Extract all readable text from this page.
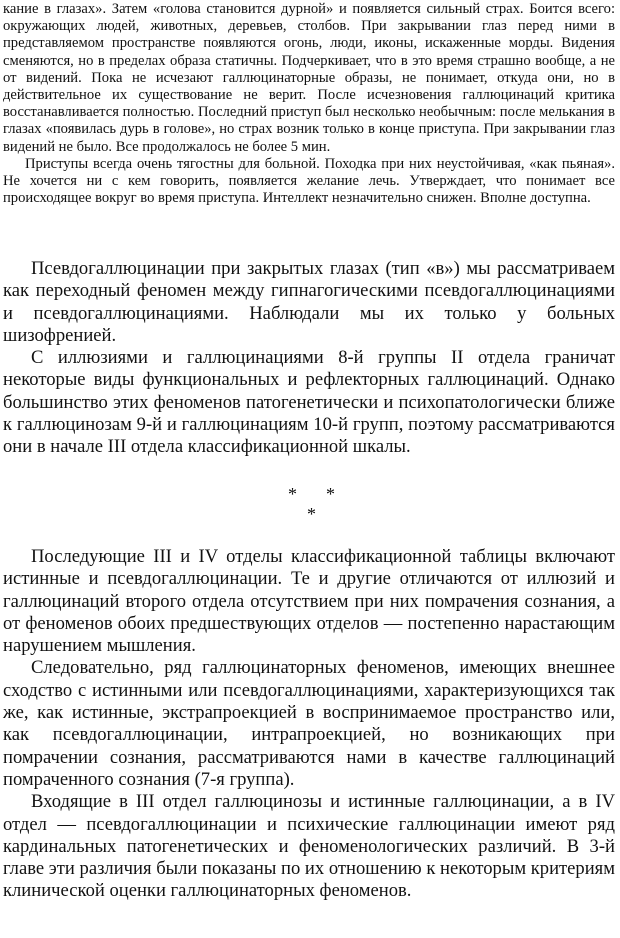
кание в глазах». Затем «голова становится дурной» и появляется сильный страх. Боится всего: окружающих людей, животных, деревьев, столбов. При закрывании глаз перед ними в представляемом пространстве появляются огонь, люди, иконы, искаженные морды. Видения сменяются, но в пределах образа статичны. Подчеркивает, что в это время страшно вообще, а не от видений. Пока не исчезают галлюцинаторные образы, не понимает, откуда они, но в действительное их существование не верит. После исчезновения галлюцинаций критика восстанавливается полностью. Последний приступ был несколько необычным: после мелькания в глазах «появилась дурь в голове», но страх возник только в конце приступа. При закрывании глаз видений не было. Все продолжалось не более 5 мин.

Приступы всегда очень тягостны для больной. Походка при них неустойчивая, «как пьяная». Не хочется ни с кем говорить, появляется желание лечь. Утверждает, что понимает все происходящее вокруг во время приступа. Интеллект незначительно снижен. Вполне доступна.

Псевдогаллюцинации при закрытых глазах (тип «в») мы рассматриваем как переходный феномен между гипнагогическими псевдогаллюцинациями и псевдогаллюцинациями. Наблюдали мы их только у больных шизофренией.

С иллюзиями и галлюцинациями 8-й группы II отдела граничат некоторые виды функциональных и рефлекторных галлюцинаций. Однако большинство этих феноменов патогенетически и психопатологически ближе к галлюцинозам 9-й и галлюцинациям 10-й групп, поэтому рассматриваются они в начале III отдела классификационной шкалы.

* *
*

Последующие III и IV отделы классификационной таблицы включают истинные и псевдогаллюцинации. Те и другие отличаются от иллюзий и галлюцинаций второго отдела отсутствием при них помрачения сознания, а от феноменов обоих предшествующих отделов — постепенно нарастающим нарушением мышления.

Следовательно, ряд галлюцинаторных феноменов, имеющих внешнее сходство с истинными или псевдогаллюцинациями, характеризующихся так же, как истинные, экстрапроекцией в воспринимаемое пространство или, как псевдогаллюцинации, интрапроекцией, но возникающих при помрачении сознания, рассматриваются нами в качестве галлюцинаций помраченного сознания (7-я группа).

Входящие в III отдел галлюцинозы и истинные галлюцинации, а в IV отдел — псевдогаллюцинации и психические галлюцинации имеют ряд кардинальных патогенетических и феноменологических различий. В 3-й главе эти различия были показаны по их отношению к некоторым критериям клинической оценки галлюцинаторных феноменов.
